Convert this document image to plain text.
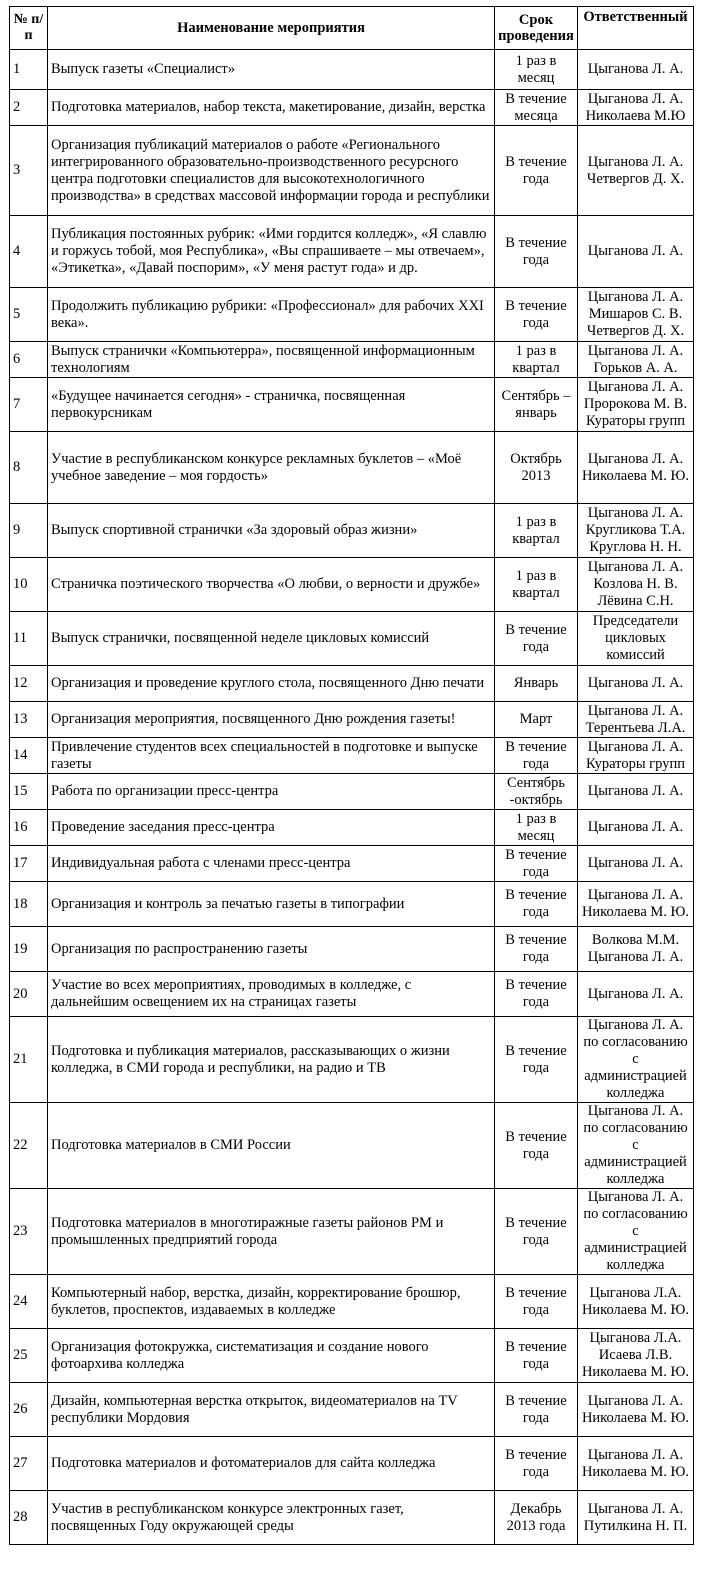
№ п/п	Наименование мероприятия	Срок проведения	Ответственный
1	Выпуск газеты «Специалист»	1 раз в месяц	Цыганова Л. А.
2	Подготовка материалов, набор текста, макетирование, дизайн, верстка	В течение месяца	Цыганова Л. А. Николаева М.Ю
3	Организация публикаций материалов о работе «Регионального интегрированного образовательно-производственного ресурсного центра подготовки специалистов для высокотехнологичного производства» в средствах массовой информации города и республики	В течение года	Цыганова Л. А. Четвергов Д. Х.
4	Публикация постоянных рубрик: «Ими гордится колледж», «Я славлю и горжусь тобой, моя Республика», «Вы спрашиваете – мы отвечаем», «Этикетка», «Давай поспорим», «У меня растут года» и др.	В течение года	Цыганова Л. А.
5	Продолжить публикацию рубрики: «Профессионал» для рабочих XXI века».	В течение года	Цыганова Л. А. Мишаров С. В. Четвергов Д. Х.
6	Выпуск странички «Компьютерра», посвященной информационным технологиям	1 раз в квартал	Цыганова Л. А. Горьков А. А.
7	«Будущее начинается сегодня» - страничка, посвященная первокурсникам	Сентябрь – январь	Цыганова Л. А. Пророкова М. В. Кураторы групп
8	Участие в республиканском конкурсе рекламных буклетов – «Моё учебное заведение – моя гордость»	Октябрь 2013	Цыганова Л. А. Николаева М. Ю.
9	Выпуск спортивной странички «За здоровый образ жизни»	1 раз в квартал	Цыганова Л. А. Кругликова Т.А. Круглова Н. Н.
10	Страничка поэтического творчества «О любви, о верности и дружбе»	1 раз в квартал	Цыганова Л. А. Козлова Н. В. Лёвина С.Н.
11	Выпуск странички, посвященной неделе цикловых комиссий	В течение года	Председатели цикловых комиссий
12	Организация и проведение круглого стола, посвященного Дню печати	Январь	Цыганова Л. А.
13	Организация мероприятия, посвященного Дню рождения газеты!	Март	Цыганова Л. А. Терентьева Л.А.
14	Привлечение студентов всех специальностей в подготовке и выпуске газеты	В течение года	Цыганова Л. А. Кураторы групп
15	Работа по организации пресс-центра	Сентябрь -октябрь	Цыганова Л. А.
16	Проведение заседания пресс-центра	1 раз в месяц	Цыганова Л. А.
17	Индивидуальная работа с членами пресс-центра	В течение года	Цыганова Л. А.
18	Организация и контроль за печатью газеты в типографии	В течение года	Цыганова Л. А. Николаева М. Ю.
19	Организация по распространению газеты	В течение года	Волкова М.М. Цыганова Л. А.
20	Участие во всех мероприятиях, проводимых в колледже, с дальнейшим освещением их на страницах газеты	В течение года	Цыганова Л. А.
21	Подготовка и публикация материалов, рассказывающих о жизни колледжа, в СМИ города и республики, на радио и ТВ	В течение года	Цыганова Л. А. по согласованию с администрацией колледжа
22	Подготовка материалов в СМИ России	В течение года	Цыганова Л. А. по согласованию с администрацией колледжа
23	Подготовка материалов в многотиражные газеты районов РМ и промышленных предприятий города	В течение года	Цыганова Л. А. по согласованию с администрацией колледжа
24	Компьютерный набор, верстка, дизайн, корректирование брошюр, буклетов, проспектов, издаваемых в колледже	В течение года	Цыганова Л.А. Николаева М. Ю.
25	Организация фотокружка, систематизация и создание нового фотоархива колледжа	В течение года	Цыганова Л.А. Исаева Л.В. Николаева М. Ю.
26	Дизайн, компьютерная верстка открыток, видеоматериалов на TV республики Мордовия	В течение года	Цыганова Л. А. Николаева М. Ю.
27	Подготовка материалов и фотоматериалов для сайта колледжа	В течение года	Цыганова Л. А. Николаева М. Ю.
28	Участив в республиканском конкурсе электронных газет, посвященных Году окружающей среды	Декабрь 2013 года	Цыганова Л. А. Путилкина Н. П.
